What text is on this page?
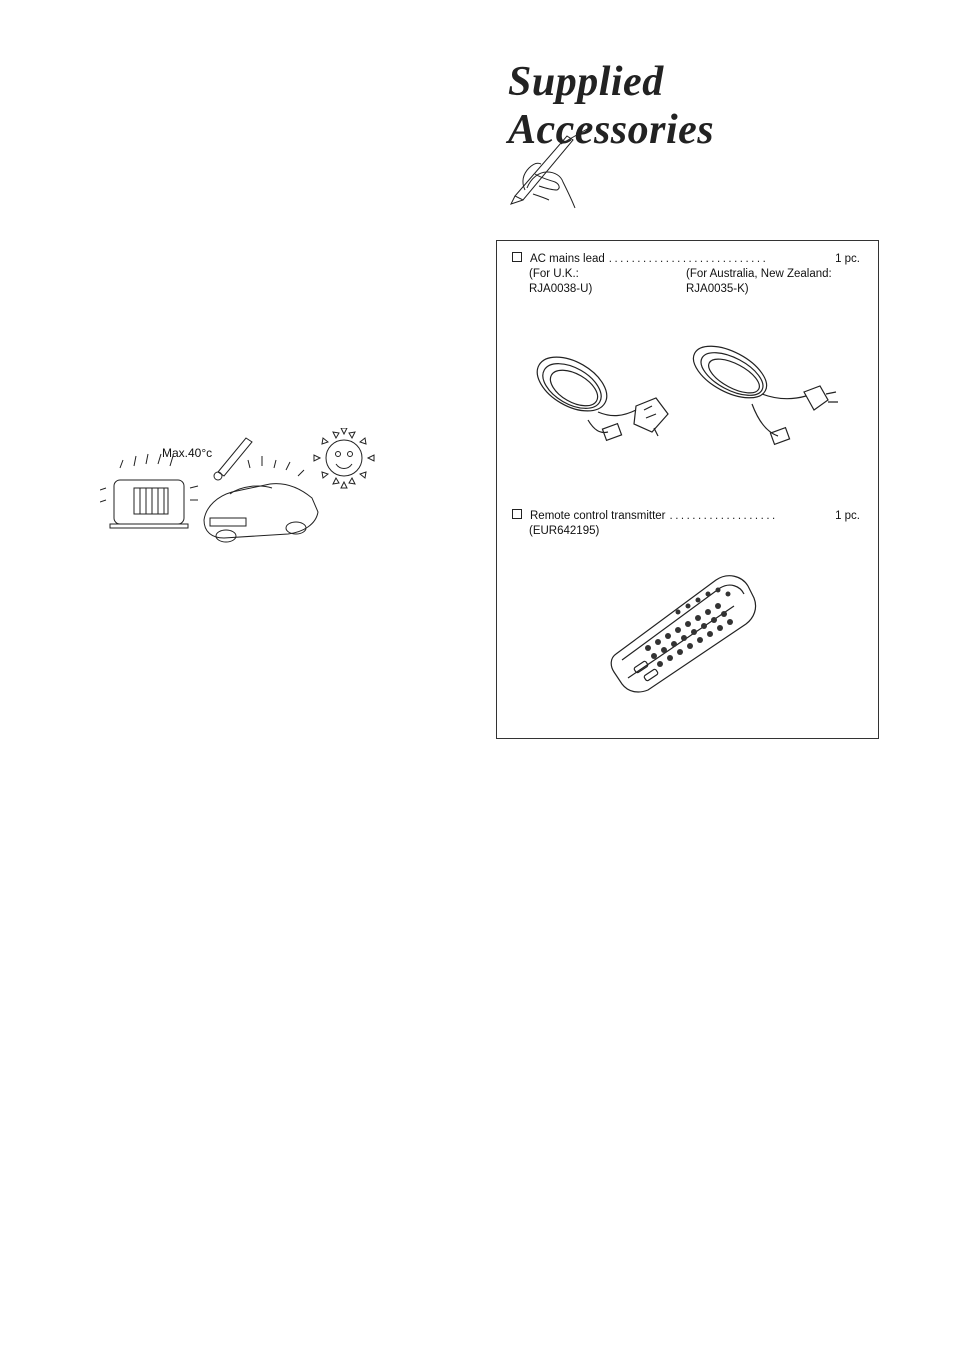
Supplied Accessories
Max.40°c
AC mains lead ............................	1 pc.
(For U.K.:
RJA0038-U)
(For Australia, New Zealand:
RJA0035-K)
Remote control transmitter ...................	1 pc.
(EUR642195)
